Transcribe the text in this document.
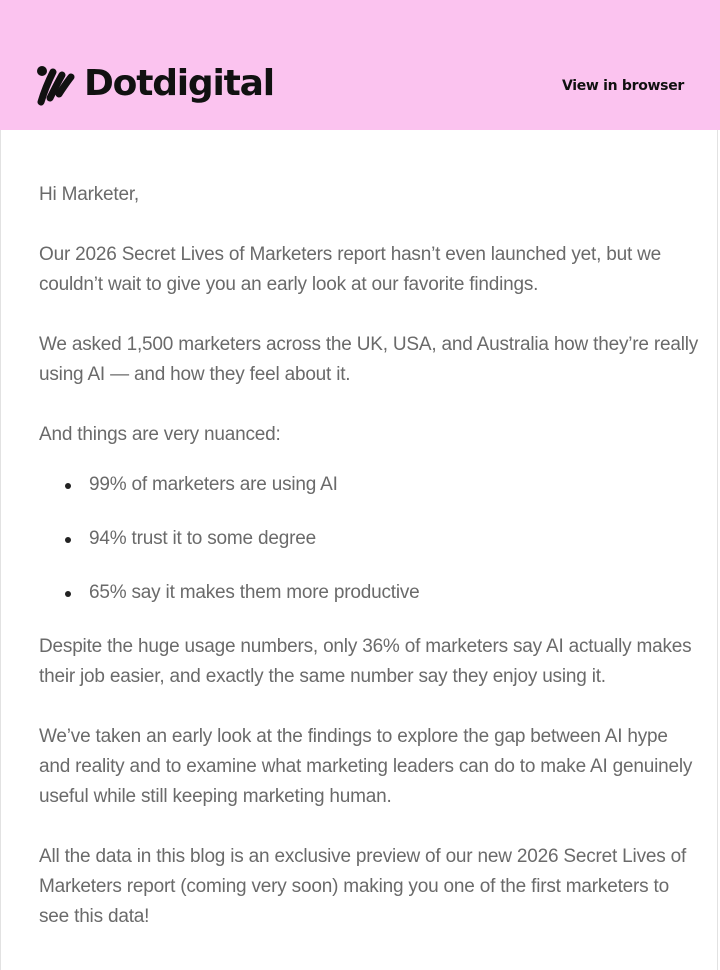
Dotdigital	View in browser

Hi Marketer,

Our 2026 Secret Lives of Marketers report hasn’t even launched yet, but we couldn’t wait to give you an early look at our favorite findings.

We asked 1,500 marketers across the UK, USA, and Australia how they’re really using AI — and how they feel about it.

And things are very nuanced:

99% of marketers are using AI
94% trust it to some degree
65% say it makes them more productive

Despite the huge usage numbers, only 36% of marketers say AI actually makes their job easier, and exactly the same number say they enjoy using it.

We’ve taken an early look at the findings to explore the gap between AI hype and reality and to examine what marketing leaders can do to make AI genuinely useful while still keeping marketing human.

All the data in this blog is an exclusive preview of our new 2026 Secret Lives of Marketers report (coming very soon) making you one of the first marketers to see this data!
